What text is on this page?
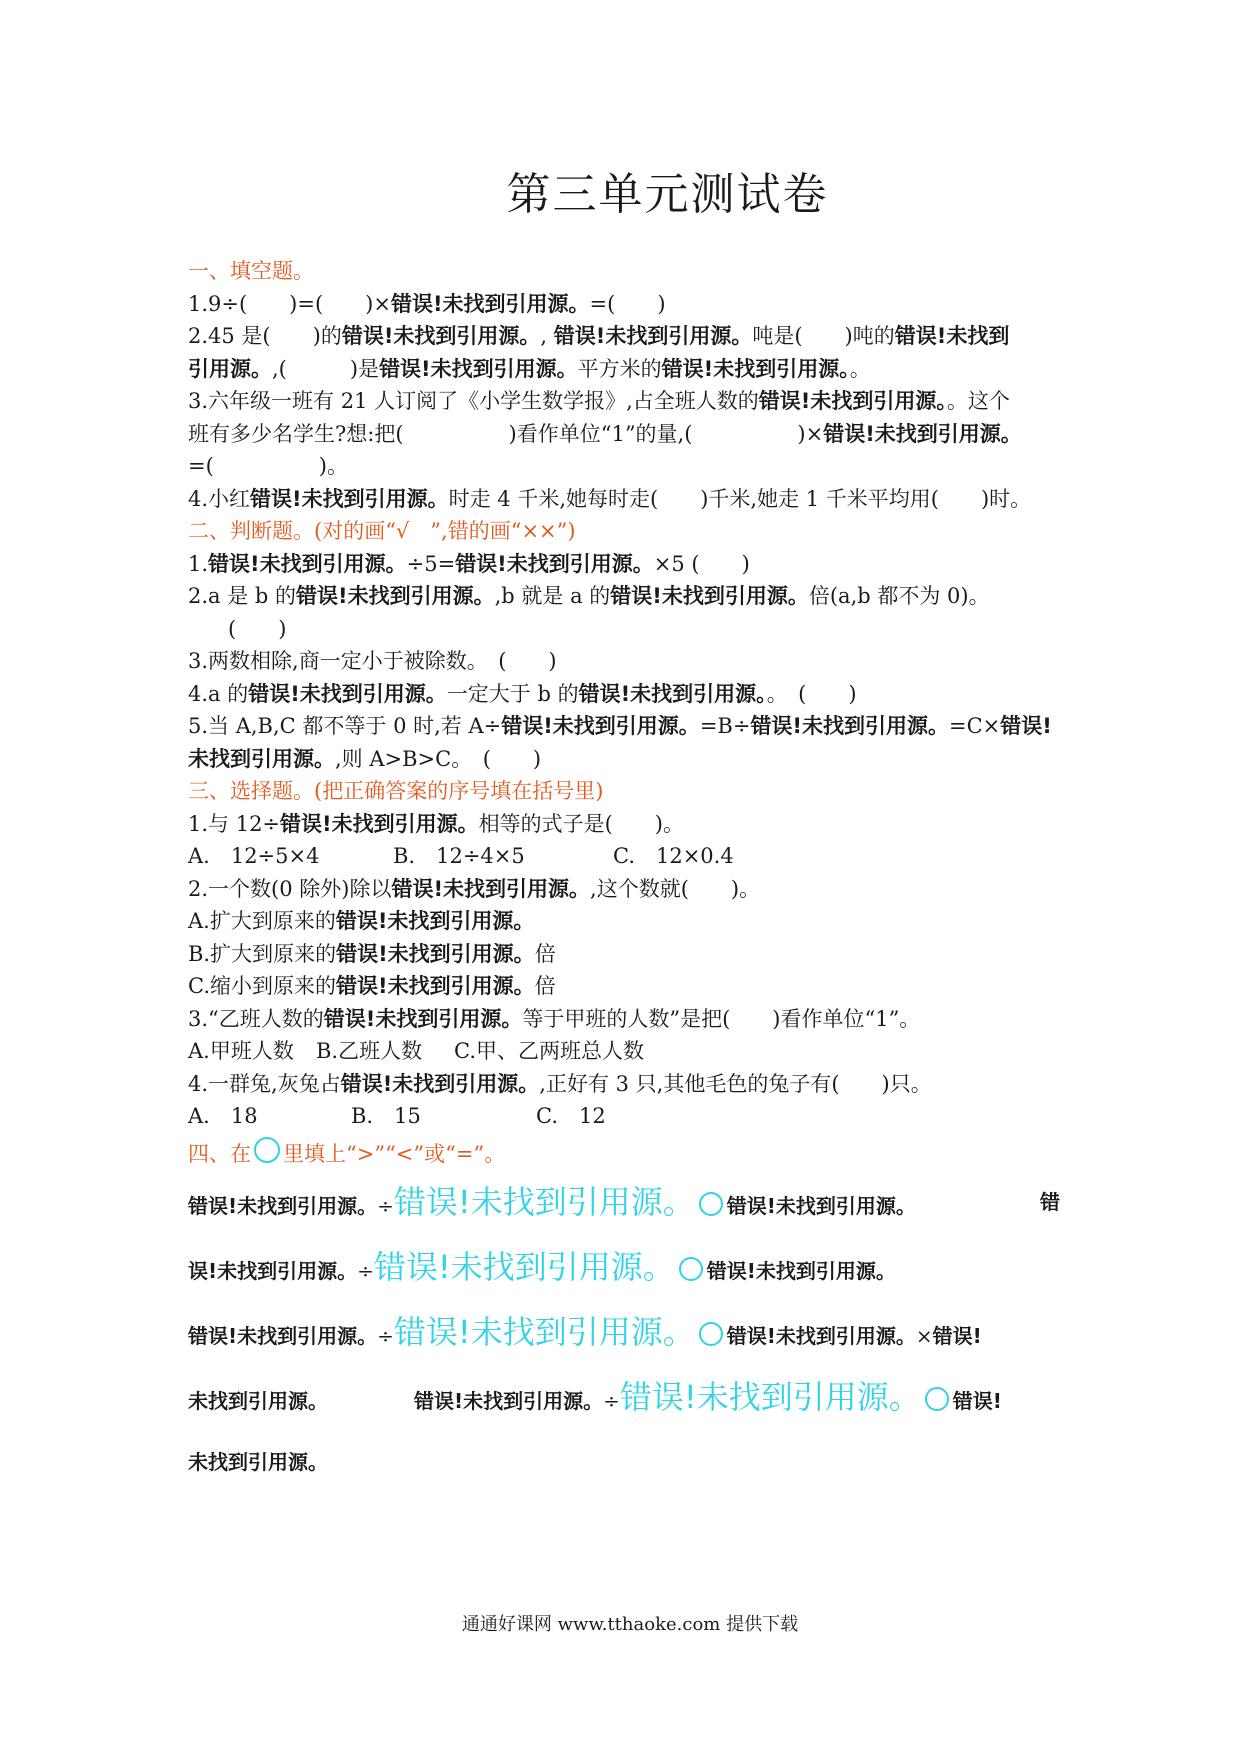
第三单元测试卷
一、填空题。
1.9÷(　　)=(　　)×错误!未找到引用源。=(　　)
2.45 是(　　)的错误!未找到引用源。, 错误!未找到引用源。吨是(　　)吨的错误!未找到
引用源。,(　　　)是错误!未找到引用源。平方米的错误!未找到引用源。。
3.六年级一班有 21 人订阅了《小学生数学报》,占全班人数的错误!未找到引用源。。这个
班有多少名学生?想:把(　　　　　)看作单位“1”的量,(　　　　　)×错误!未找到引用源。
=(　　　　　)。
4.小红错误!未找到引用源。时走 4 千米,她每时走(　　)千米,她走 1 千米平均用(　　)时。
二、判断题。(对的画“√　”,错的画“××”)
1.错误!未找到引用源。÷5=错误!未找到引用源。×5 (　　)
2.a 是 b 的错误!未找到引用源。,b 就是 a 的错误!未找到引用源。倍(a,b 都不为 0)。
(　　)
3.两数相除,商一定小于被除数。　(　　)
4.a 的错误!未找到引用源。一定大于 b 的错误!未找到引用源。。　(　　)
5.当 A,B,C 都不等于 0 时,若 A÷错误!未找到引用源。=B÷错误!未找到引用源。=C×错误!
未找到引用源。,则 A>B>C。　(　　)
三、选择题。(把正确答案的序号填在括号里)
1.与 12÷错误!未找到引用源。相等的式子是(　　)。
A.　12÷5×4	B.　12÷4×5	C.　12×0.4
2.一个数(0 除外)除以错误!未找到引用源。,这个数就(　　)。
A.扩大到原来的错误!未找到引用源。
B.扩大到原来的错误!未找到引用源。倍
C.缩小到原来的错误!未找到引用源。倍
3.“乙班人数的错误!未找到引用源。等于甲班的人数”是把(　　)看作单位“1”。
A.甲班人数 B.乙班人数 C.甲、乙两班总人数
4.一群兔,灰兔占错误!未找到引用源。,正好有 3 只,其他毛色的兔子有(　　)只。
A.　18	B.　15	C.　12
四、在 里填上“>”“<”或“=”。
错误!未找到引用源。÷错误!未找到引用源。 错误!未找到引用源。	错
误!未找到引用源。÷错误!未找到引用源。 错误!未找到引用源。
错误!未找到引用源。÷错误!未找到引用源。 错误!未找到引用源。×错误!
未找到引用源。	错误!未找到引用源。÷错误!未找到引用源。 错误!
未找到引用源。
通通好课网 www.tthaoke.com 提供下载
